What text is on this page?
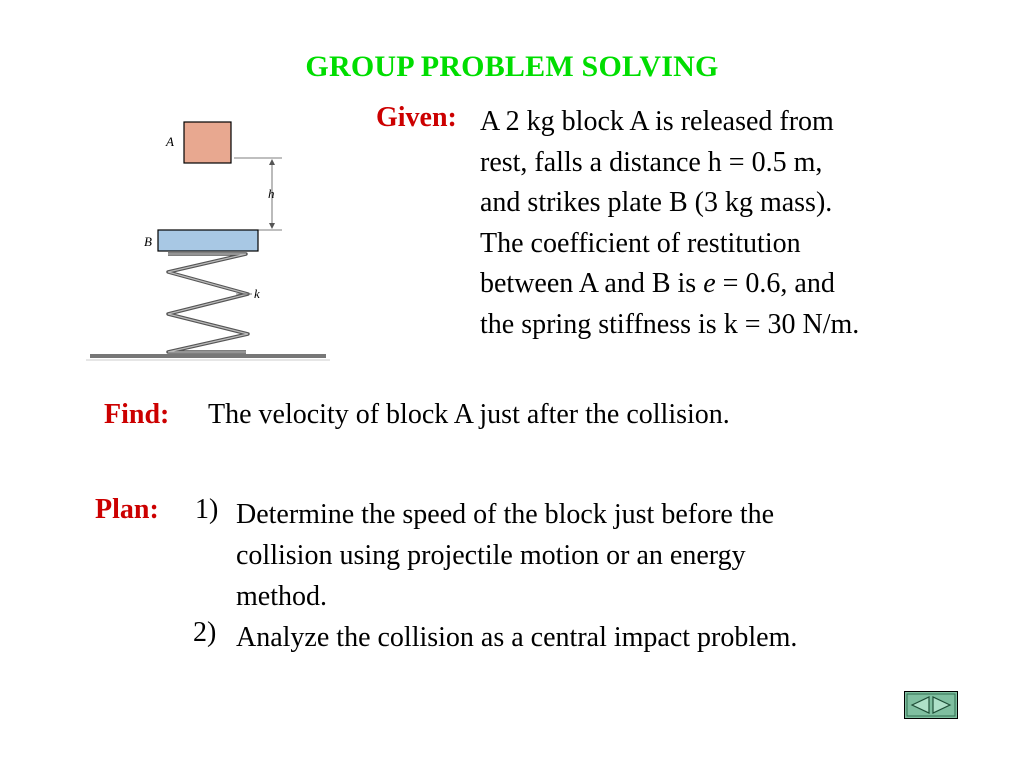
GROUP PROBLEM SOLVING
A
h
B
k
Given: A 2 kg block A is released from
rest, falls a distance h = 0.5 m,
and strikes plate B (3 kg mass).
The coefficient of restitution
between A and B is e = 0.6, and
the spring stiffness is k = 30 N/m.
Find: The velocity of block A just after the collision.
Plan: 1) Determine the speed of the block just before the
collision using projectile motion or an energy
method.
2) Analyze the collision as a central impact problem.
